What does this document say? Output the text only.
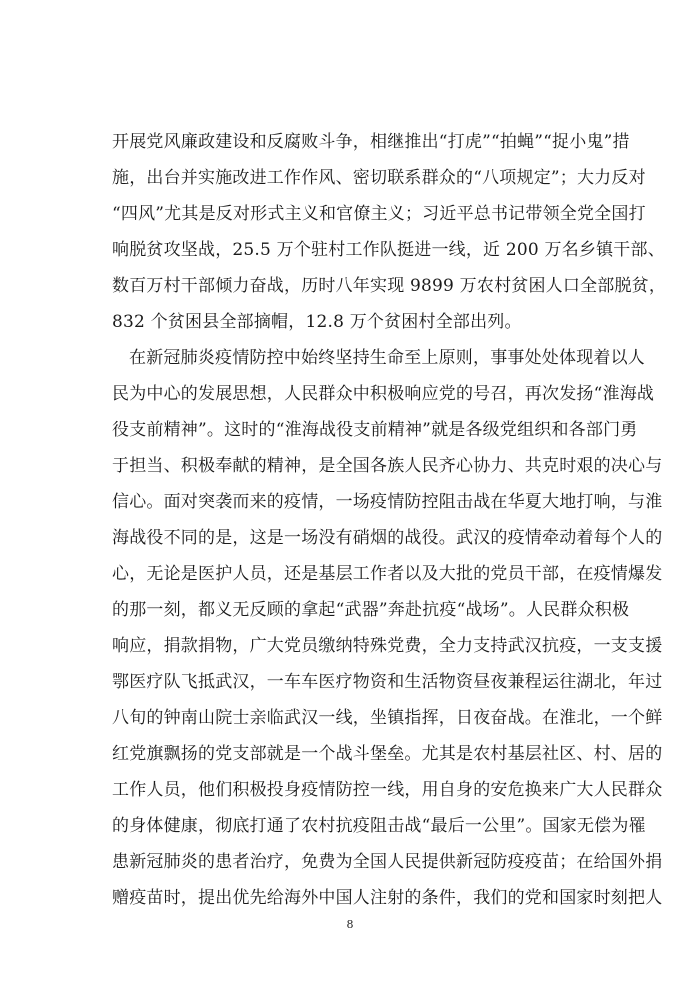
开展党风廉政建设和反腐败斗争，相继推出“打虎”“拍蝇”“捉小鬼”措
施，出台并实施改进工作作风、密切联系群众的“八项规定”；大力反对
“四风”尤其是反对形式主义和官僚主义；习近平总书记带领全党全国打
响脱贫攻坚战，25.5 万个驻村工作队挺进一线，近 200 万名乡镇干部、
数百万村干部倾力奋战，历时八年实现 9899 万农村贫困人口全部脱贫，
832 个贫困县全部摘帽，12.8 万个贫困村全部出列。
在新冠肺炎疫情防控中始终坚持生命至上原则，事事处处体现着以人
民为中心的发展思想，人民群众中积极响应党的号召，再次发扬“淮海战
役支前精神”。这时的“淮海战役支前精神”就是各级党组织和各部门勇
于担当、积极奉献的精神，是全国各族人民齐心协力、共克时艰的决心与
信心。面对突袭而来的疫情，一场疫情防控阻击战在华夏大地打响，与淮
海战役不同的是，这是一场没有硝烟的战役。武汉的疫情牵动着每个人的
心，无论是医护人员，还是基层工作者以及大批的党员干部，在疫情爆发
的那一刻，都义无反顾的拿起“武器”奔赴抗疫“战场”。人民群众积极
响应，捐款捐物，广大党员缴纳特殊党费，全力支持武汉抗疫，一支支援
鄂医疗队飞抵武汉，一车车医疗物资和生活物资昼夜兼程运往湖北，年过
八旬的钟南山院士亲临武汉一线，坐镇指挥，日夜奋战。在淮北，一个鲜
红党旗飘扬的党支部就是一个战斗堡垒。尤其是农村基层社区、村、居的
工作人员，他们积极投身疫情防控一线，用自身的安危换来广大人民群众
的身体健康，彻底打通了农村抗疫阻击战“最后一公里”。国家无偿为罹
患新冠肺炎的患者治疗，免费为全国人民提供新冠防疫疫苗；在给国外捐
赠疫苗时，提出优先给海外中国人注射的条件，我们的党和国家时刻把人
8
